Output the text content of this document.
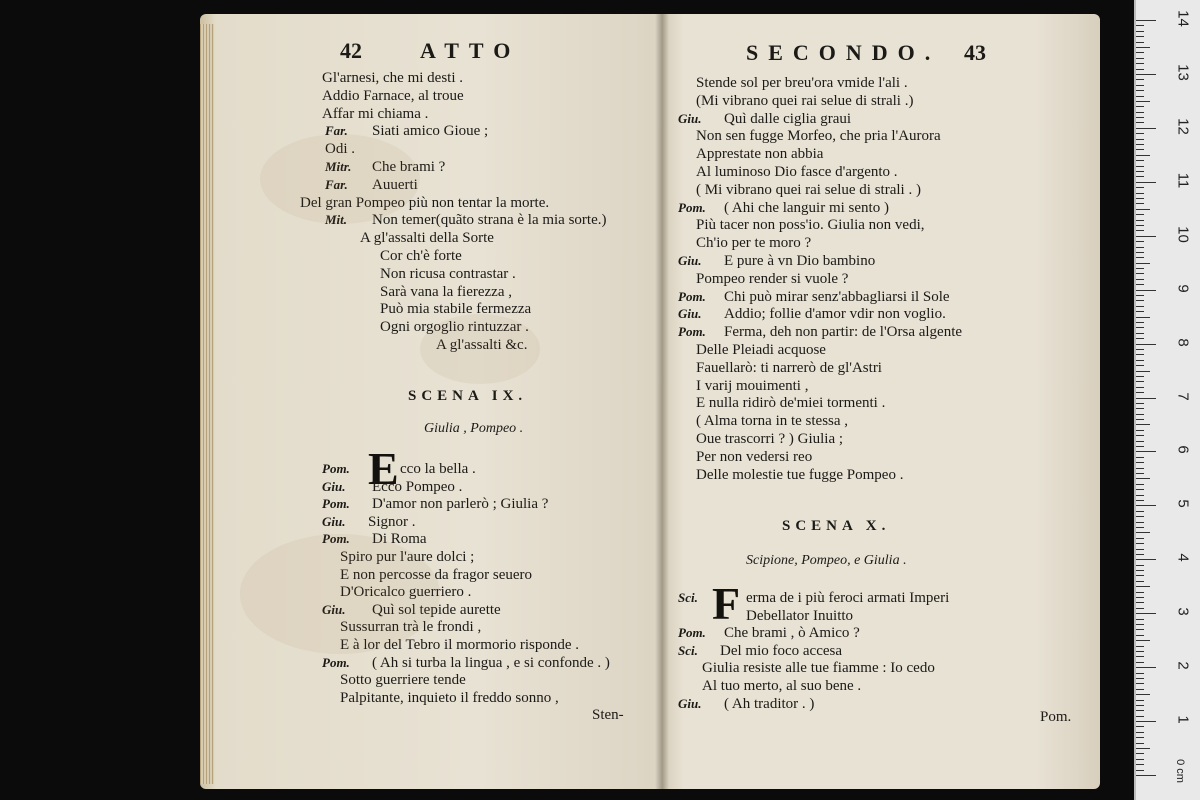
42	ATTO
Gl'arnesi, che mi desti .
Addio Farnace, al troue
Affar mi chiama .
Far. Siati amico Gioue ;
Odi .
Mitr. Che brami ?
Far. Auuerti
Del gran Pompeo più non tentar la morte.
Mit. Non temer(quãto strana è la mia sorte.)
A gl'assalti della Sorte
Cor ch'è forte
Non ricusa contrastar .
Sarà vana la fierezza ,
Può mia stabile fermezza
Ogni orgoglio rintuzzar .
A gl'assalti &c.
SCENA IX.
Giulia , Pompeo .
E
Pom.	cco la bella .
Giu. Ecco Pompeo .
Pom. D'amor non parlerò ; Giulia ?
Giu. Signor .
Pom. Di Roma
Spiro pur l'aure dolci ;
E non percosse da fragor seuero
D'Oricalco guerriero .
Giu. Quì sol tepide aurette
Sussurran trà le frondi ,
E à lor del Tebro il mormorio risponde .
Pom. ( Ah si turba la lingua , e si confonde . )
Sotto guerriere tende
Palpitante, inquieto il freddo sonno ,
Sten-
SECONDO. 43
Stende sol per breu'ora vmide l'ali .
(Mi vibrano quei rai selue di strali .)
Giu. Quì dalle ciglia graui
Non sen fugge Morfeo, che pria l'Aurora
Apprestate non abbia
Al luminoso Dio fasce d'argento .
( Mi vibrano quei rai selue di strali . )
Pom. ( Ahi che languir mi sento )
Più tacer non poss'io. Giulia non vedi,
Ch'io per te moro ?
Giu. E pure à vn Dio bambino
Pompeo render si vuole ?
Pom. Chi può mirar senz'abbagliarsi il Sole
Giu. Addio; follie d'amor vdir non voglio.
Pom. Ferma, deh non partir: de l'Orsa algente
Delle Pleiadi acquose
Fauellarò: ti narrerò de gl'Astri
I varij mouimenti ,
E nulla ridirò de'miei tormenti .
( Alma torna in te stessa ,
Oue trascorri ? ) Giulia ;
Per non vedersi reo
Delle molestie tue fugge Pompeo .
SCENA X.
Scipione, Pompeo, e Giulia .
F
Sci.	erma de i più feroci armati Imperi
Debellator Inuitto
Pom. Che brami , ò Amico ?
Sci. Del mio foco accesa
Giulia resiste alle tue fiamme : Io cedo
Al tuo merto, al suo bene .
Giu. ( Ah traditor . )
Pom.
14
13
12
11
10
9
8
7
6
5
4
3
2
1
0 cm
